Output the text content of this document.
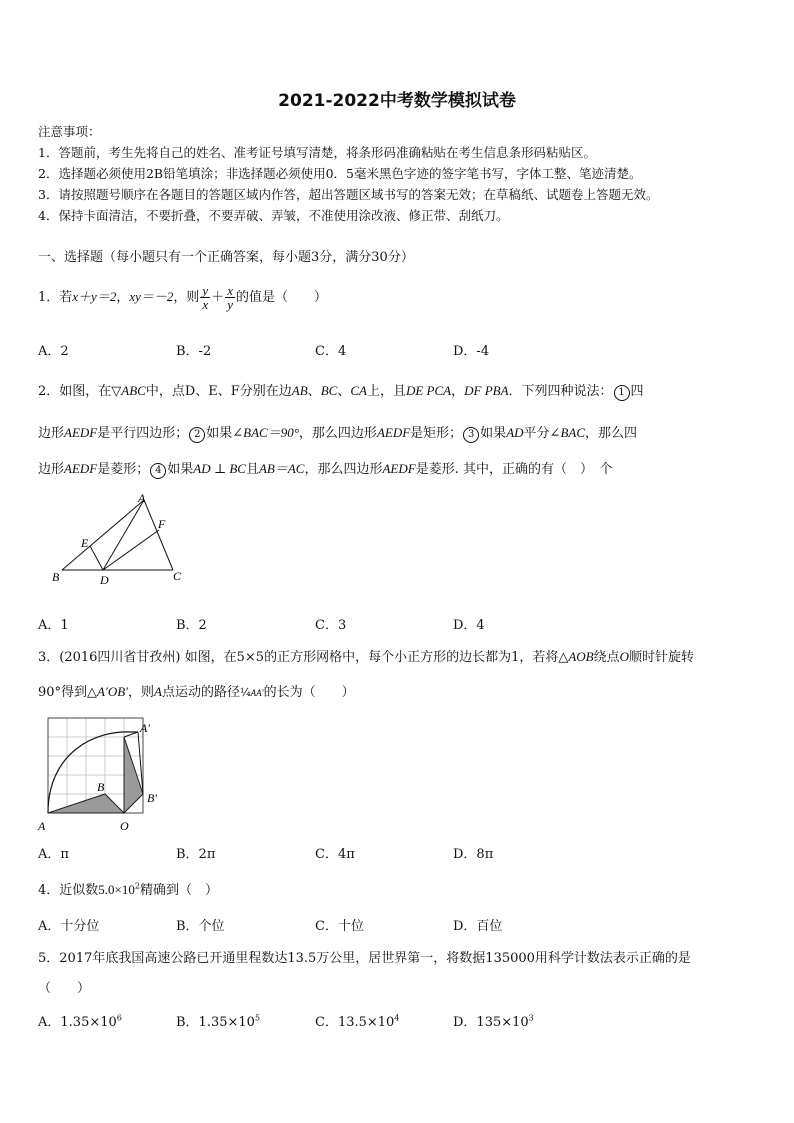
2021-2022中考数学模拟试卷
注意事项：
1．答题前，考生先将自己的姓名、准考证号填写清楚，将条形码准确粘贴在考生信息条形码粘贴区。
2．选择题必须使用2B铅笔填涂；非选择题必须使用0．5毫米黑色字迹的签字笔书写，字体工整、笔迹清楚。
3．请按照题号顺序在各题目的答题区域内作答，超出答题区域书写的答案无效；在草稿纸、试题卷上答题无效。
4．保持卡面清洁，不要折叠，不要弄破、弄皱，不准使用涂改液、修正带、刮纸刀。
一、选择题（每小题只有一个正确答案，每小题3分，满分30分）
1．若x＋y＝2，xy＝－2，则 $\frac{y}{x} + \frac{x}{y}$ 的值是（　　）
A．2	B．-2	C．4	D．-4
2．如图，在▽ABC中，点D、E、F分别在边AB、BC、CA上，且DE PCA，DF PBA．下列四种说法： 1 四
边形AEDF是平行四边形； 2 如果∠BAC＝90°，那么四边形AEDF是矩形； 3 如果AD平分∠BAC，那么四
边形AEDF是菱形； 4 如果AD ⊥ BC且AB＝AC，那么四边形AEDF是菱形. 其中，正确的有（　）　个
A
F
E
B	D	C
A．1	B．2	C．3	D．4
3．(2016四川省甘孜州) 如图，在5×5的正方形网格中，每个小正方形的边长都为1，若将△AOB绕点O顺时针旋转
90°得到△A′OB′，则A点运动的路径¼AA′的长为（　　）
A′
B
B′
A	O
A．π	B．2π	C．4π	D．8π
4．近似数$5.0\times 10^2$精确到（　）
A．十分位	B．个位	C．十位	D．百位
5．2017年底我国高速公路已开通里程数达13.5万公里，居世界第一，将数据135000用科学计数法表示正确的是
（　　）
A．$1.35\times 10^6$	B．$1.35\times 10^5$	C．$13.5\times 10^4$	D．$135\times 10^3$
